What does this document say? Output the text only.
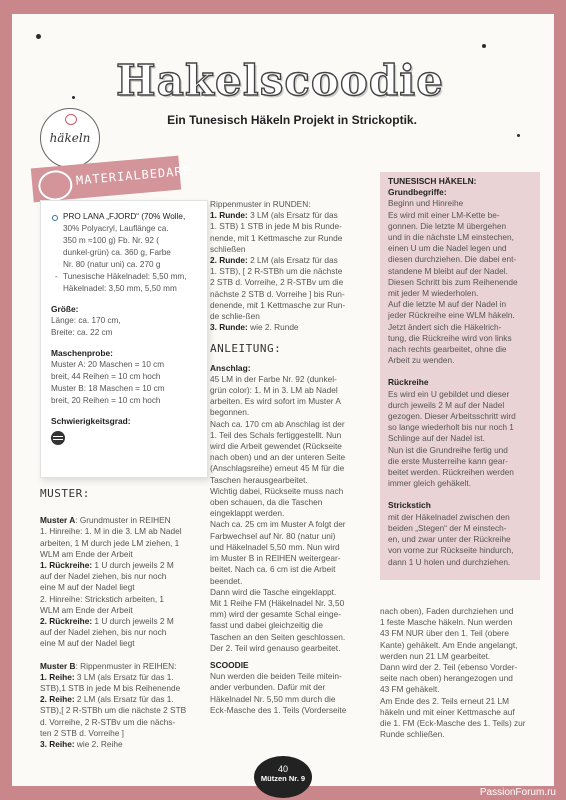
Hakelscoodie

Ein Tunesisch Häkeln Projekt in Strickoptik.

häkeln
MATERIALBEDARF

PRO LANA „FJORD“ (70% Wolle,

30% Polyacryl, Lauflänge ca.

350 m ≈100 g) Fb. Nr. 92 (

dunkel-grün) ca. 360 g, Farbe

Nr. 80 (natur uni) ca. 270 g

- Tunesische Häkelnadel: 5,50 mm,

Häkelnadel: 3,50 mm, 5,50 mm

Größe:

Länge: ca. 170 cm,

Breite: ca. 22 cm

Maschenprobe:

Muster A: 20 Maschen = 10 cm

breit, 44 Reihen = 10 cm hoch

Muster B: 18 Maschen = 10 cm

breit, 20 Reihen = 10 cm hoch

Schwierigkeitsgrad:

MUSTER:

Muster A: Grundmuster in REIHEN

1. Hinreihe: 1. M in die 3. LM ab Nadel

arbeiten, 1 M durch jede LM ziehen, 1

WLM am Ende der Arbeit

1. Rückreihe: 1 U durch jeweils 2 M

auf der Nadel ziehen, bis nur noch

eine M auf der Nadel liegt

2. Hinreihe: Strickstich arbeiten, 1

WLM am Ende der Arbeit

2. Rückreihe: 1 U durch jeweils 2 M

auf der Nadel ziehen, bis nur noch

eine M auf der Nadel liegt

Muster B: Rippenmuster in REIHEN:

1. Reihe: 3 LM (als Ersatz für das 1.

STB),1 STB in jede M bis Reihenende

2. Reihe: 2 LM (als Ersatz für das 1.

STB),[ 2 R-STBh um die nächste 2 STB

d. Vorreihe, 2 R-STBv um die nächs-

ten 2 STB d. Vorreihe ]

3. Reihe: wie 2. Reihe

Rippenmuster in RUNDEN:

1. Runde: 3 LM (als Ersatz für das

1. STB) 1 STB in jede M bis Runde-

nende, mit 1 Kettmasche zur Runde

schließen

2. Runde: 2 LM (als Ersatz für das

1. STB), [ 2 R-STBh um die nächste

2 STB d. Vorreihe, 2 R-STBv um die

nächste 2 STB d. Vorreihe ] bis Run-

denende, mit 1 Kettmasche zur Run-

de schlie-ßen

3. Runde: wie 2. Runde

ANLEITUNG:

Anschlag:

45 LM in der Farbe Nr. 92 (dunkel-

grün color): 1. M in 3. LM ab Nadel

arbeiten. Es wird sofort im Muster A

begonnen.

Nach ca. 170 cm ab Anschlag ist der

1. Teil des Schals fertiggestellt. Nun

wird die Arbeit gewendet (Rückseite

nach oben) und an der unteren Seite

(Anschlagsreihe) erneut 45 M für die

Taschen herausgearbeitet.

Wichtig dabei, Rückseite muss nach

oben schauen, da die Taschen

eingeklappt werden.

Nach ca. 25 cm im Muster A folgt der

Farbwechsel auf Nr. 80 (natur uni)

und Häkelnadel 5,50 mm. Nun wird

im Muster B in REIHEN weitergear-

beitet. Nach ca. 6 cm ist die Arbeit

beendet.

Dann wird die Tasche eingeklappt.

Mit 1 Reihe FM (Häkelnadel Nr. 3,50

mm) wird der gesamte Schal einge-

fasst und dabei gleichzeitig die

Taschen an den Seiten geschlossen.

Der 2. Teil wird genauso gearbeitet.

SCOODIE

Nun werden die beiden Teile mitein-

ander verbunden. Dafür mit der

Häkelnadel Nr. 5,50 mm durch die

Eck-Masche des 1. Teils (Vorderseite

TUNESISCH HÄKELN:

Grundbegriffe:

Beginn und Hinreihe

Es wird mit einer LM-Kette be-

gonnen. Die letzte M übergehen

und in die nächste LM einstechen,

einen U um die Nadel legen und

diesen durchziehen. Die dabei ent-

standene M bleibt auf der Nadel.

Diesen Schritt bis zum Reihenende

mit jeder M wiederholen.

Auf die letzte M auf der Nadel in

jeder Rückreihe eine WLM häkeln.

Jetzt ändert sich die Häkelrich-

tung, die Rückreihe wird von links

nach rechts gearbeitet, ohne die

Arbeit zu wenden.

Rückreihe

Es wird ein U gebildet und dieser

durch jeweils 2 M auf der Nadel

gezogen. Dieser Arbeitsschritt wird

so lange wiederholt bis nur noch 1

Schlinge auf der Nadel ist.

Nun ist die Grundreihe fertig und

die erste Musterreihe kann gear-

beitet werden. Rückreihen werden

immer gleich gehäkelt.

Strickstich

mit der Häkelnadel zwischen den

beiden „Stegen“ der M einstech-

en, und zwar unter der Rückreihe

von vorne zur Rückseite hindurch,

dann 1 U holen und durchziehen.

nach oben), Faden durchziehen und

1 feste Masche häkeln. Nun werden

43 FM NUR über den 1. Teil (obere

Kante) gehäkelt. Am Ende angelangt,

werden nun 21 LM gearbeitet.

Dann wird der 2. Teil (ebenso Vorder-

seite nach oben) herangezogen und

43 FM gehäkelt.

Am Ende des 2. Teils erneut 21 LM

häkeln und mit einer Kettmasche auf

die 1. FM (Eck-Masche des 1. Teils) zur

Runde schließen.

40
Mützen Nr. 9
PassionForum.ru
